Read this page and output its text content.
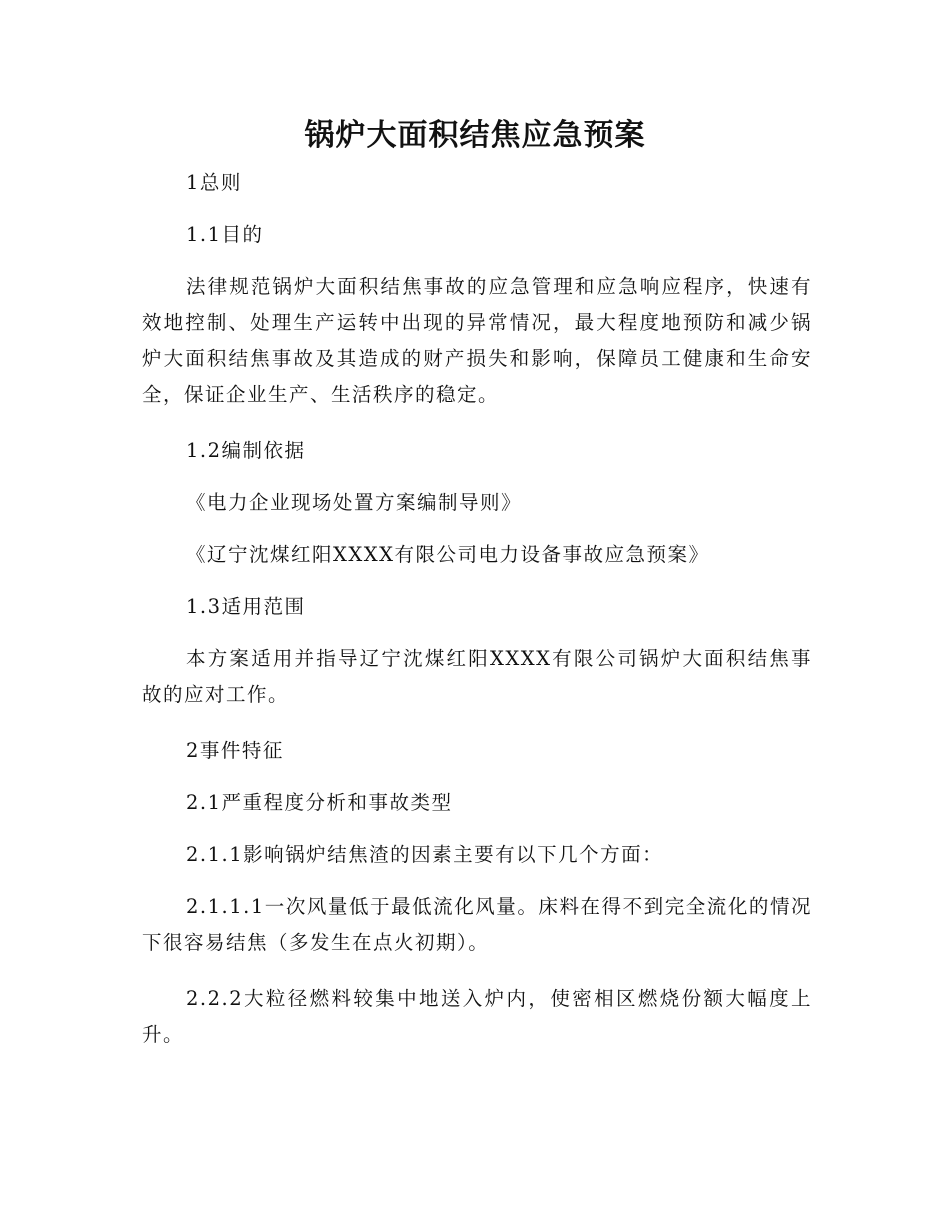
锅炉大面积结焦应急预案

1总则

1.1目的

法律规范锅炉大面积结焦事故的应急管理和应急响应程序，快速有效地控制、处理生产运转中出现的异常情况，最大程度地预防和减少锅炉大面积结焦事故及其造成的财产损失和影响，保障员工健康和生命安全，保证企业生产、生活秩序的稳定。

1.2编制依据

《电力企业现场处置方案编制导则》

《辽宁沈煤红阳XXXX有限公司电力设备事故应急预案》

1.3适用范围

本方案适用并指导辽宁沈煤红阳XXXX有限公司锅炉大面积结焦事故的应对工作。

2事件特征

2.1严重程度分析和事故类型

2.1.1影响锅炉结焦渣的因素主要有以下几个方面：

2.1.1.1一次风量低于最低流化风量。床料在得不到完全流化的情况下很容易结焦（多发生在点火初期）。

2.2.2大粒径燃料较集中地送入炉内，使密相区燃烧份额大幅度上升。
